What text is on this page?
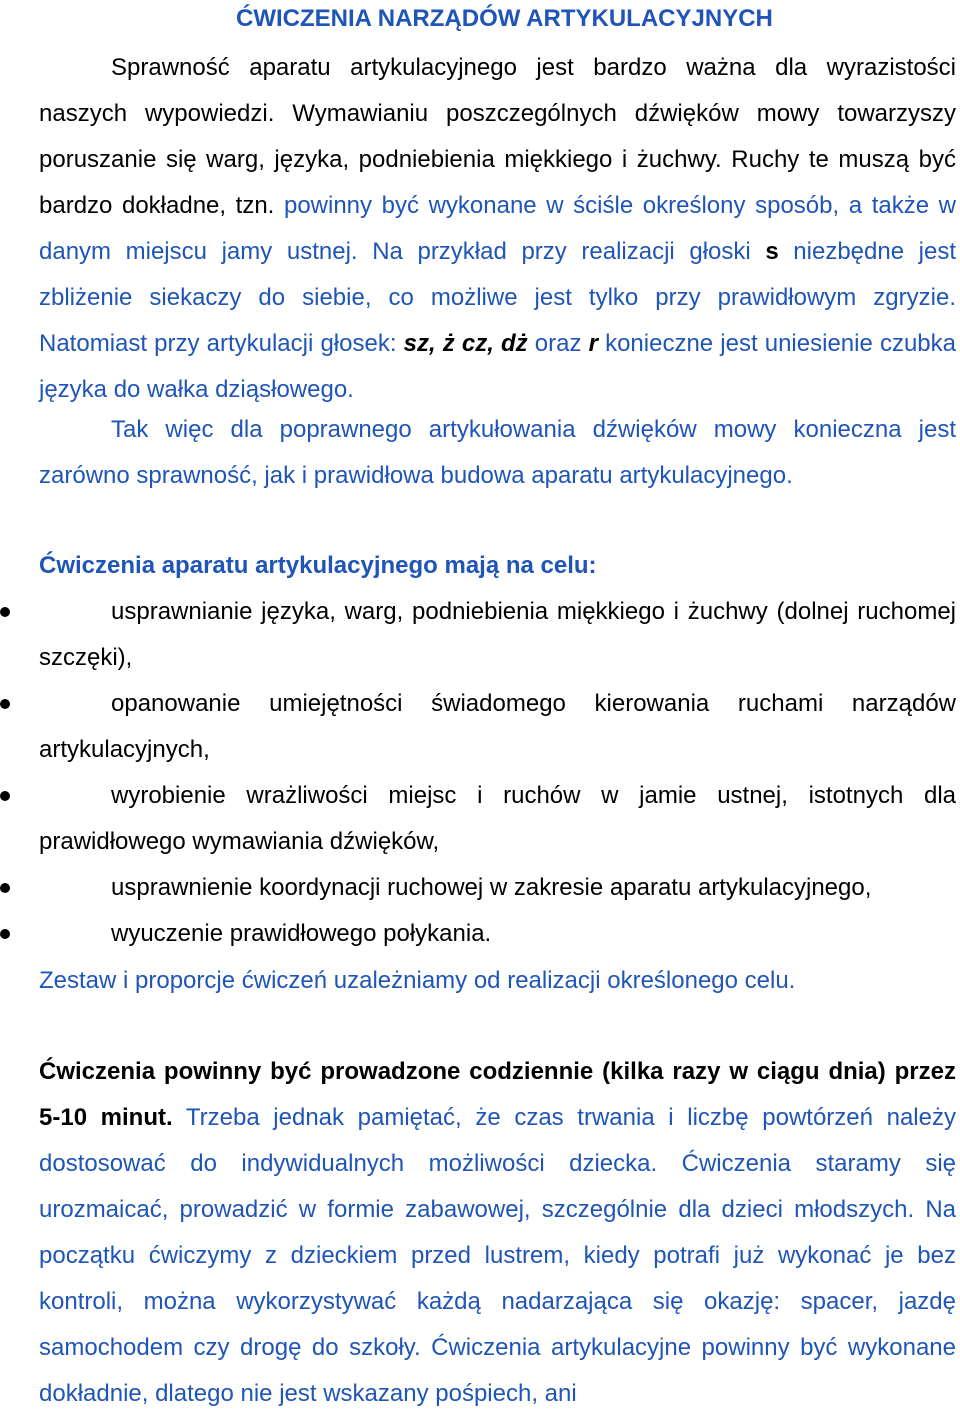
ĆWICZENIA NARZĄDÓW ARTYKULACYJNYCH
Sprawność aparatu artykulacyjnego jest bardzo ważna dla wyrazistości naszych wypowiedzi. Wymawianiu poszczególnych dźwięków mowy towarzyszy poruszanie się warg, języka, podniebienia miękkiego i żuchwy. Ruchy te muszą być bardzo dokładne, tzn. powinny być wykonane w ściśle określony sposób, a także w danym miejscu jamy ustnej. Na przykład przy realizacji głoski s niezbędne jest zbliżenie siekaczy do siebie, co możliwe jest tylko przy prawidłowym zgryzie. Natomiast przy artykulacji głosek: sz, ż cz, dż oraz r konieczne jest uniesienie czubka języka do wałka dziąsłowego.
Tak więc dla poprawnego artykułowania dźwięków mowy konieczna jest zarówno sprawność, jak i prawidłowa budowa aparatu artykulacyjnego.
Ćwiczenia aparatu artykulacyjnego mają na celu:
usprawnianie języka, warg, podniebienia miękkiego i żuchwy (dolnej ruchomej szczęki),
opanowanie umiejętności świadomego kierowania ruchami narządów artykulacyjnych,
wyrobienie wrażliwości miejsc i ruchów w jamie ustnej, istotnych dla prawidłowego wymawiania dźwięków,
usprawnienie koordynacji ruchowej w zakresie aparatu artykulacyjnego,
wyuczenie prawidłowego połykania.
Zestaw i proporcje ćwiczeń uzależniamy od realizacji określonego celu.
Ćwiczenia powinny być prowadzone codziennie (kilka razy w ciągu dnia) przez 5-10 minut. Trzeba jednak pamiętać, że czas trwania i liczbę powtórzeń należy dostosować do indywidualnych możliwości dziecka. Ćwiczenia staramy się urozmaicać, prowadzić w formie zabawowej, szczególnie dla dzieci młodszych. Na początku ćwiczymy z dzieckiem przed lustrem, kiedy potrafi już wykonać je bez kontroli, można wykorzystywać każdą nadarzająca się okazję: spacer, jazdę samochodem czy drogę do szkoły. Ćwiczenia artykulacyjne powinny być wykonane dokładnie, dlatego nie jest wskazany pośpiech, ani
